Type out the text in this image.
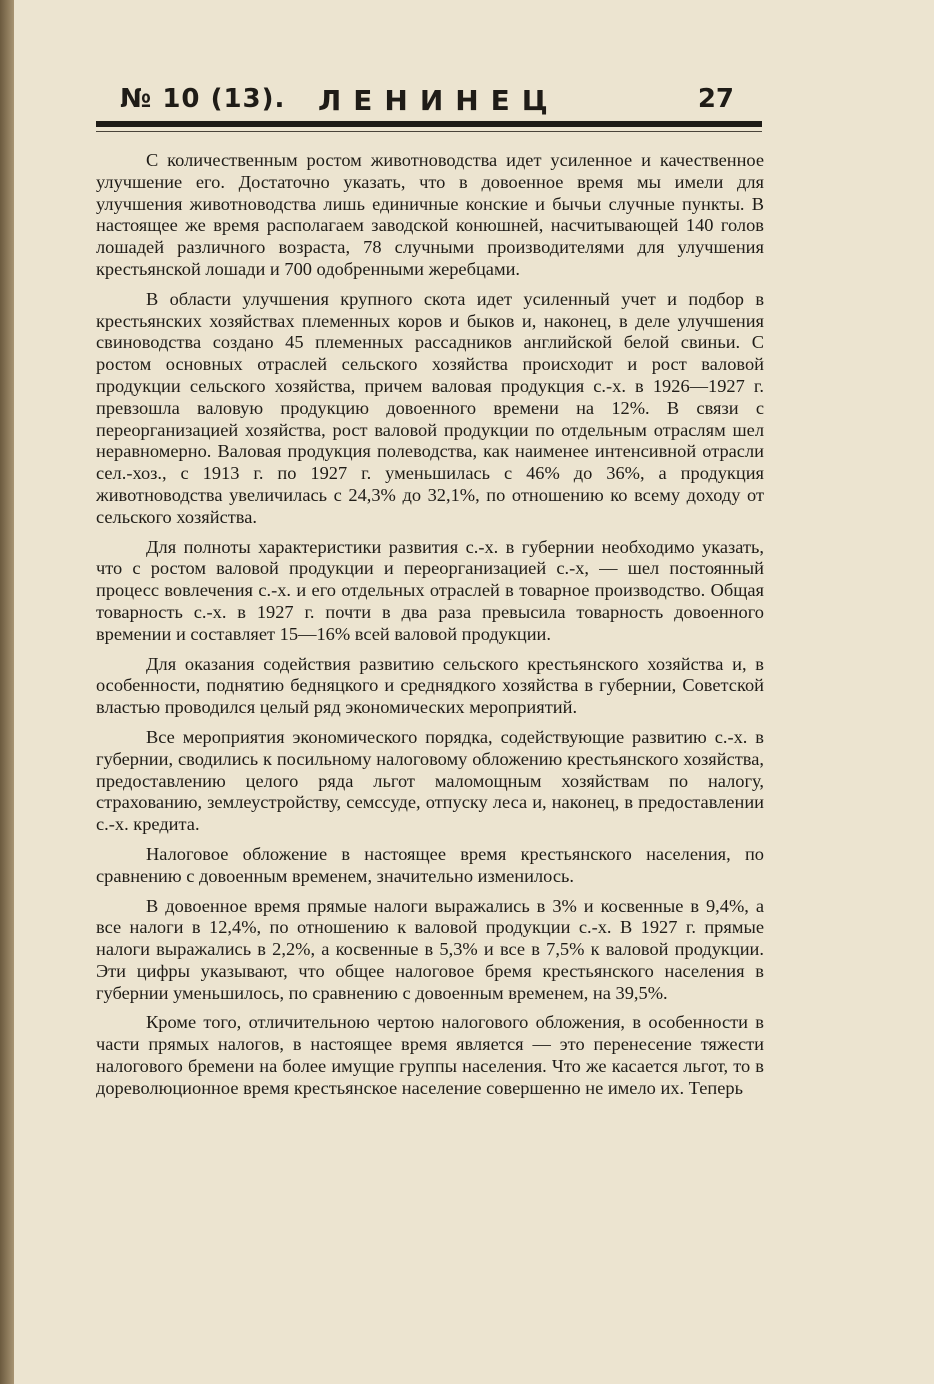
№ 10 (13). ЛЕНИНЕЦ	27

С количественным ростом животноводства идет усиленное и качественное улучшение его. Достаточно указать, что в довоенное время мы имели для улучшения животноводства лишь единичные конские и бычьи случные пункты. В настоящее же время располагаем заводской конюшней, насчитывающей 140 голов лошадей различного возраста, 78 случными производителями для улучшения крестьянской лошади и 700 одобренными жеребцами.

В области улучшения крупного скота идет усиленный учет и подбор в крестьянских хозяйствах племенных коров и быков и, наконец, в деле улучшения свиноводства создано 45 племенных рассадников английской белой свиньи. С ростом основных отраслей сельского хозяйства происходит и рост валовой продукции сельского хозяйства, причем валовая продукция с.-х. в 1926—1927 г. превзошла валовую продукцию довоенного времени на 12%. В связи с переорганизацией хозяйства, рост валовой продукции по отдельным отраслям шел неравномерно. Валовая продукция полеводства, как наименее интенсивной отрасли сел.-хоз., с 1913 г. по 1927 г. уменьшилась с 46% до 36%, а продукция животноводства увеличилась с 24,3% до 32,1%, по отношению ко всему доходу от сельского хозяйства.

Для полноты характеристики развития с.-х. в губернии необходимо указать, что с ростом валовой продукции и переорганизацией с.-х, — шел постоянный процесс вовлечения с.-х. и его отдельных отраслей в товарное производство. Общая товарность с.-х. в 1927 г. почти в два раза превысила товарность довоенного времении и составляет 15—16% всей валовой продукции.

Для оказания содействия развитию сельского крестьянского хозяйства и, в особенности, поднятию бедняцкого и среднядкого хозяйства в губернии, Советской властью проводился целый ряд экономических мероприятий.

Все мероприятия экономического порядка, содействующие развитию с.-х. в губернии, сводились к посильному налоговому обложению крестьянского хозяйства, предоставлению целого ряда льгот маломощным хозяйствам по налогу, страхованию, землеустройству, семссуде, отпуску леса и, наконец, в предоставлении с.-х. кредита.

Налоговое обложение в настоящее время крестьянского населения, по сравнению с довоенным временем, значительно изменилось.

В довоенное время прямые налоги выражались в 3% и косвенные в 9,4%, а все налоги в 12,4%, по отношению к валовой продукции с.-х. В 1927 г. прямые налоги выражались в 2,2%, а косвенные в 5,3% и все в 7,5% к валовой продукции. Эти цифры указывают, что общее налоговое бремя крестьянского населения в губернии уменьшилось, по сравнению с довоенным временем, на 39,5%.

Кроме того, отличительною чертою налогового обложения, в особенности в части прямых налогов, в настоящее время является — это перенесение тяжести налогового бремени на более имущие группы населения. Что же касается льгот, то в дореволюционное время крестьянское население совершенно не имело их. Теперь
